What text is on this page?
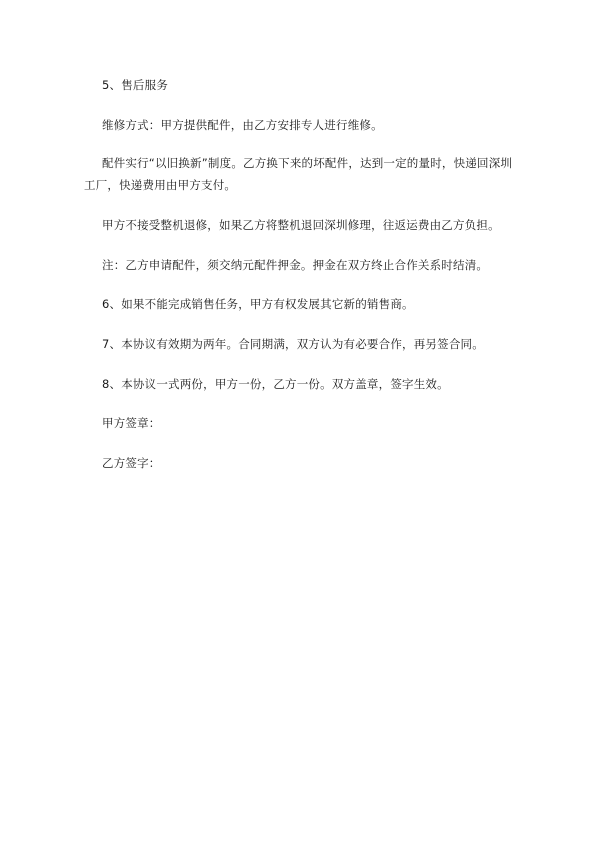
5、售后服务
维修方式：甲方提供配件，由乙方安排专人进行维修。
配件实行“以旧换新”制度。乙方换下来的坏配件，达到一定的量时，快递回深圳
工厂，快递费用由甲方支付。
甲方不接受整机退修，如果乙方将整机退回深圳修理，往返运费由乙方负担。
注：乙方申请配件，须交纳元配件押金。押金在双方终止合作关系时结清。
6、如果不能完成销售任务，甲方有权发展其它新的销售商。
7、本协议有效期为两年。合同期满，双方认为有必要合作，再另签合同。
8、本协议一式两份，甲方一份，乙方一份。双方盖章，签字生效。
甲方签章：
乙方签字：
